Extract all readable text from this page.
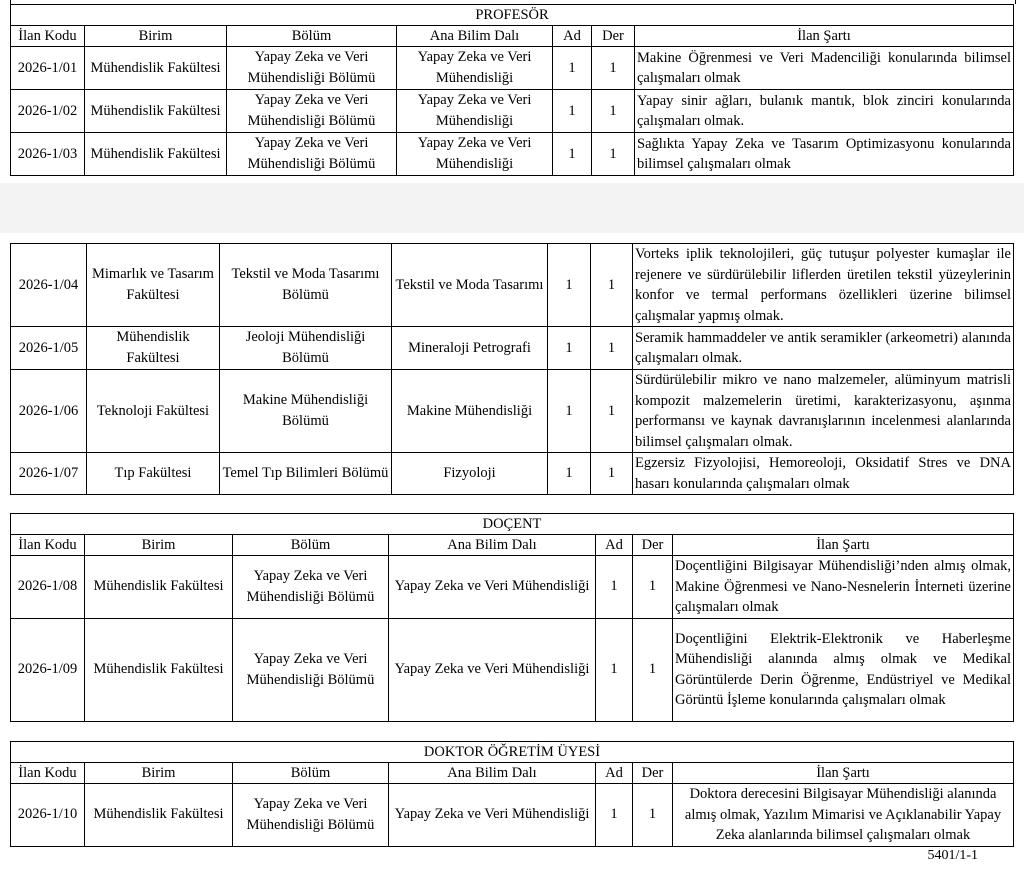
PROFESÖR						
İlan Kodu	Birim	Bölüm	Ana Bilim Dalı	Ad	Der	İlan Şartı
2026-1/01	Mühendislik Fakültesi	Yapay Zeka ve Veri Mühendisliği Bölümü	Yapay Zeka ve Veri Mühendisliği	1	1	Makine Öğrenmesi ve Veri Madenciliği konularında bilimsel çalışmaları olmak
2026-1/02	Mühendislik Fakültesi	Yapay Zeka ve Veri Mühendisliği Bölümü	Yapay Zeka ve Veri Mühendisliği	1	1	Yapay sinir ağları, bulanık mantık, blok zinciri konularında çalışmaları olmak.
2026-1/03	Mühendislik Fakültesi	Yapay Zeka ve Veri Mühendisliği Bölümü	Yapay Zeka ve Veri Mühendisliği	1	1	Sağlıkta Yapay Zeka ve Tasarım Optimizasyonu konularında bilimsel çalışmaları olmak
2026-1/04	Mimarlık ve Tasarım Fakültesi	Tekstil ve Moda Tasarımı Bölümü	Tekstil ve Moda Tasarımı	1	1	Vorteks iplik teknolojileri, güç tutuşur polyester kumaşlar ile rejenere ve sürdürülebilir liflerden üretilen tekstil yüzeylerinin konfor ve termal performans özellikleri üzerine bilimsel çalışmalar yapmış olmak.
2026-1/05	Mühendislik Fakültesi	Jeoloji Mühendisliği Bölümü	Mineraloji Petrografi	1	1	Seramik hammaddeler ve antik seramikler (arkeometri) alanında çalışmaları olmak.
2026-1/06	Teknoloji Fakültesi	Makine Mühendisliği Bölümü	Makine Mühendisliği	1	1	Sürdürülebilir mikro ve nano malzemeler, alüminyum matrisli kompozit malzemelerin üretimi, karakterizasyonu, aşınma performansı ve kaynak davranışlarının incelenmesi alanlarında bilimsel çalışmaları olmak.
2026-1/07	Tıp Fakültesi	Temel Tıp Bilimleri Bölümü	Fizyoloji	1	1	Egzersiz Fizyolojisi, Hemoreoloji, Oksidatif Stres ve DNA hasarı konularında çalışmaları olmak
DOÇENT						
İlan Kodu	Birim	Bölüm	Ana Bilim Dalı	Ad	Der	İlan Şartı
2026-1/08	Mühendislik Fakültesi	Yapay Zeka ve Veri Mühendisliği Bölümü	Yapay Zeka ve Veri Mühendisliği	1	1	Doçentliğini Bilgisayar Mühendisliği’nden almış olmak, Makine Öğrenmesi ve Nano-Nesnelerin İnterneti üzerine çalışmaları olmak
2026-1/09	Mühendislik Fakültesi	Yapay Zeka ve Veri Mühendisliği Bölümü	Yapay Zeka ve Veri Mühendisliği	1	1	Doçentliğini Elektrik-Elektronik ve Haberleşme Mühendisliği alanında almış olmak ve Medikal Görüntülerde Derin Öğrenme, Endüstriyel ve Medikal Görüntü İşleme konularında çalışmaları olmak
DOKTOR ÖĞRETİM ÜYESİ						
İlan Kodu	Birim	Bölüm	Ana Bilim Dalı	Ad	Der	İlan Şartı
2026-1/10	Mühendislik Fakültesi	Yapay Zeka ve Veri Mühendisliği Bölümü	Yapay Zeka ve Veri Mühendisliği	1	1	Doktora derecesini Bilgisayar Mühendisliği alanında almış olmak, Yazılım Mimarisi ve Açıklanabilir Yapay Zeka alanlarında bilimsel çalışmaları olmak
5401/1-1
